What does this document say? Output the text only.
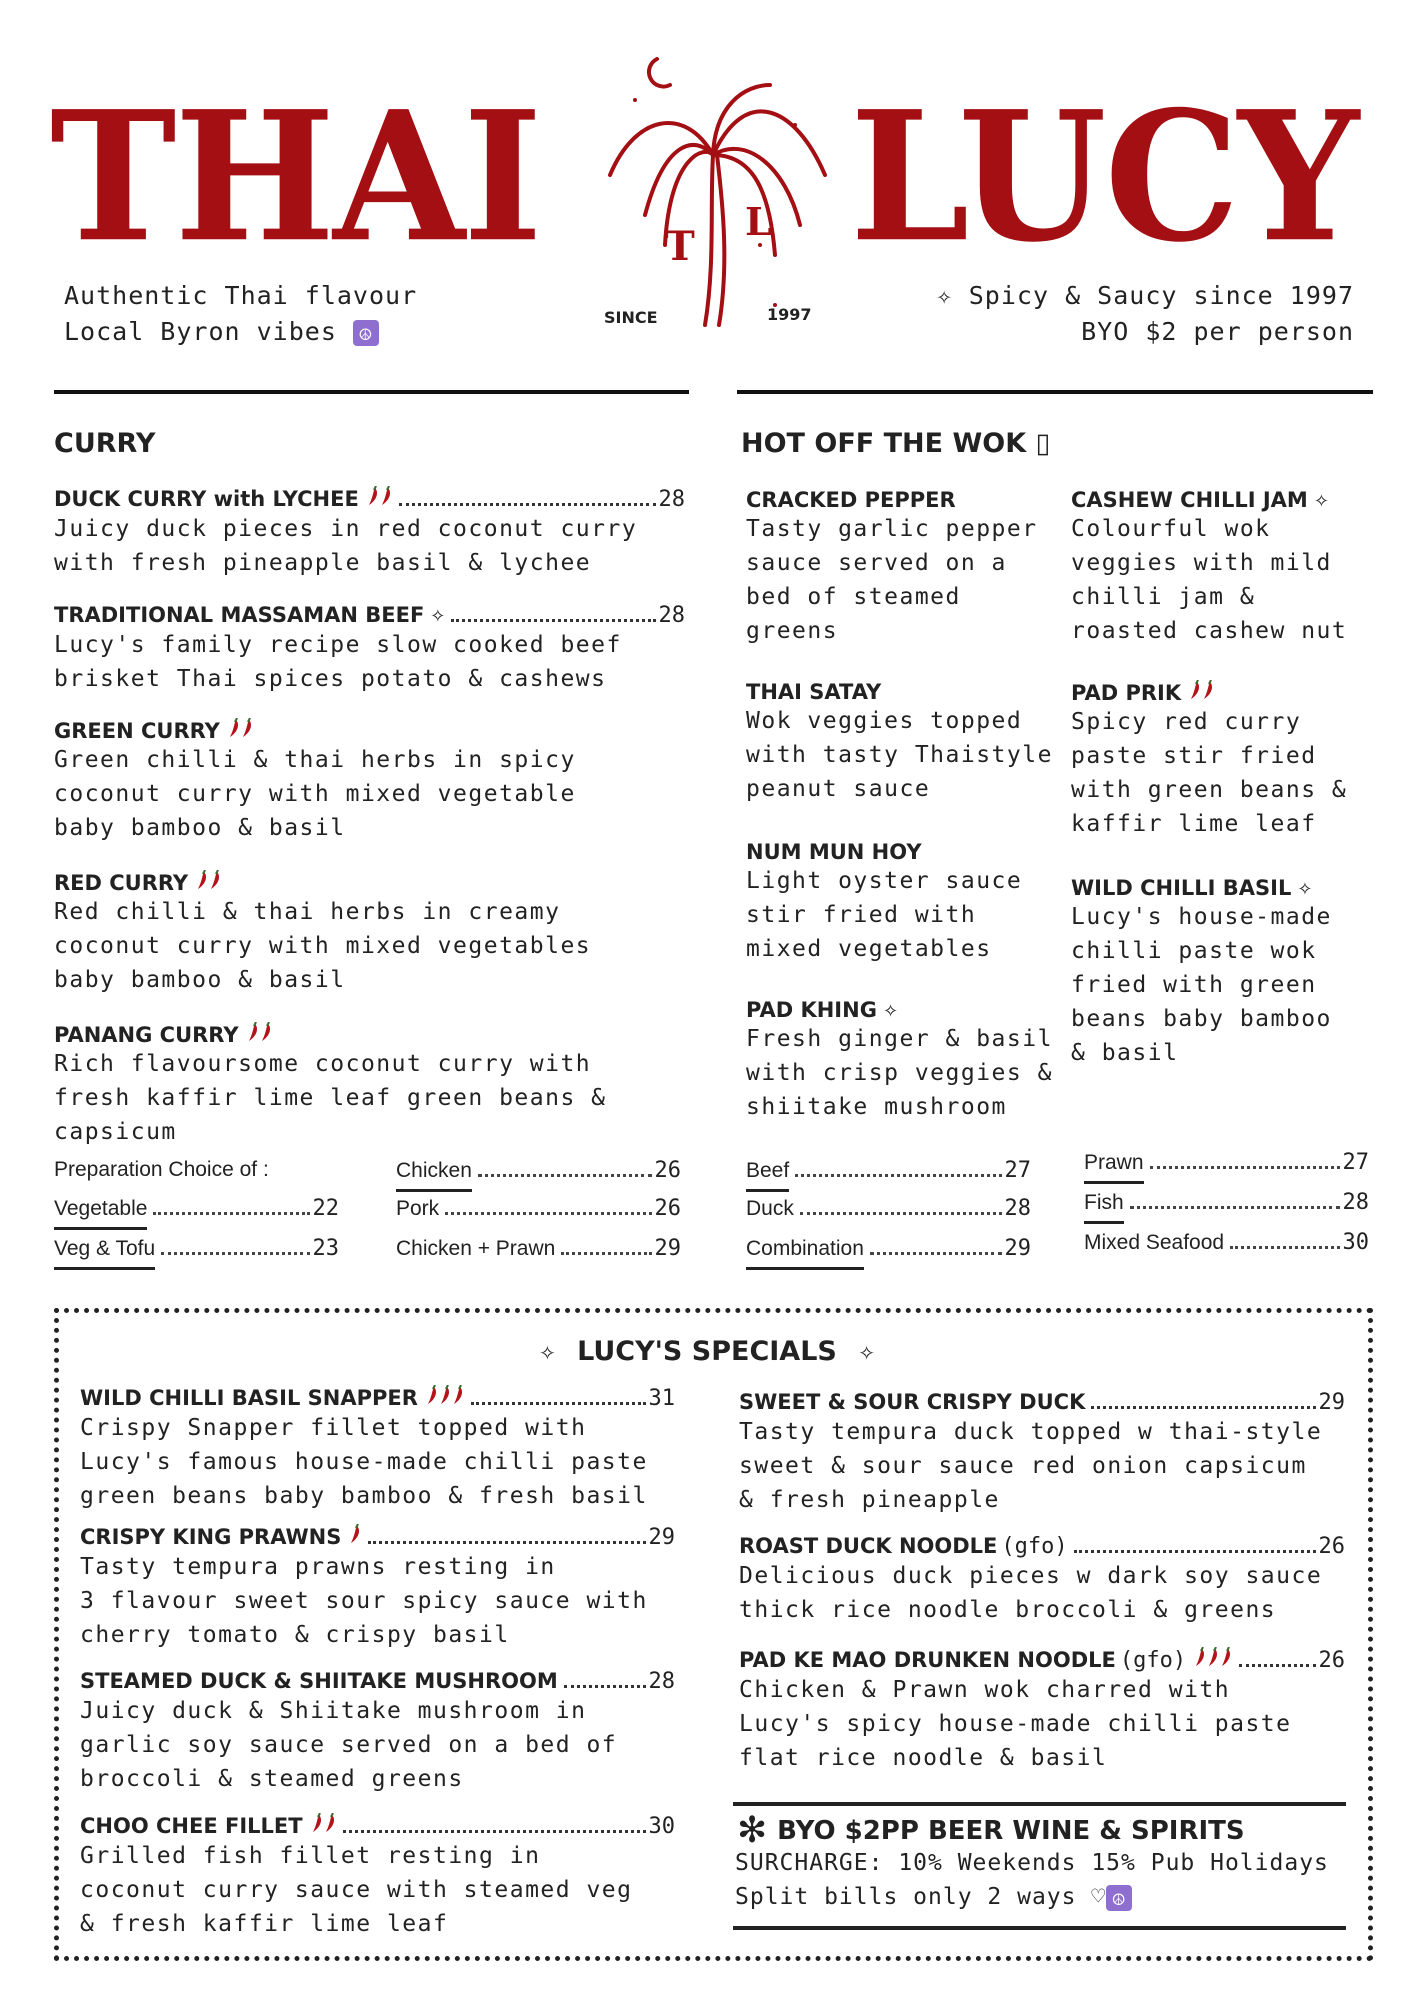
THAI LUCY
T
L
SINCE	1997
Authentic Thai flavour
Local Byron vibes ☮
✧ Spicy & Saucy since 1997
BYO $2 per person
CURRY	HOT OFF THE WOK ▯
Preparation Choice of :
✧ LUCY'S SPECIALS ✧
✻ BYO $2PP BEER WINE & SPIRITS
SURCHARGE: 10% Weekends 15% Pub Holidays
Split bills only 2 ways ♡ ☮
DUCK CURRY with LYCHEE	28
Juicy duck pieces in red coconut curry
with fresh pineapple basil & lychee
TRADITIONAL MASSAMAN BEEF ✧	28
Lucy's family recipe slow cooked beef
brisket Thai spices potato & cashews
GREEN CURRY
Green chilli & thai herbs in spicy
coconut curry with mixed vegetable
baby bamboo & basil
RED CURRY
Red chilli & thai herbs in creamy
coconut curry with mixed vegetables
baby bamboo & basil
PANANG CURRY
Rich flavoursome coconut curry with
fresh kaffir lime leaf green beans &
capsicum
CRACKED PEPPER
Tasty garlic pepper
sauce served on a
bed of steamed
greens
THAI SATAY
Wok veggies topped
with tasty Thaistyle
peanut sauce
NUM MUN HOY
Light oyster sauce
stir fried with
mixed vegetables
PAD KHING ✧
Fresh ginger & basil
with crisp veggies &
shiitake mushroom
CASHEW CHILLI JAM ✧
Colourful wok
veggies with mild
chilli jam &
roasted cashew nut
PAD PRIK
Spicy red curry
paste stir fried
with green beans &
kaffir lime leaf
WILD CHILLI BASIL ✧
Lucy's house-made
chilli paste wok
fried with green
beans baby bamboo
& basil
WILD CHILLI BASIL SNAPPER	31
Crispy Snapper fillet topped with
Lucy's famous house-made chilli paste
green beans baby bamboo & fresh basil
CRISPY KING PRAWNS	29
Tasty tempura prawns resting in
3 flavour sweet sour spicy sauce with
cherry tomato & crispy basil
STEAMED DUCK & SHIITAKE MUSHROOM	28
Juicy duck & Shiitake mushroom in
garlic soy sauce served on a bed of
broccoli & steamed greens
CHOO CHEE FILLET	30
Grilled fish fillet resting in
coconut curry sauce with steamed veg
& fresh kaffir lime leaf
SWEET & SOUR CRISPY DUCK	29
Tasty tempura duck topped w thai-style
sweet & sour sauce red onion capsicum
& fresh pineapple
ROAST DUCK NOODLE (gfo)	26
Delicious duck pieces w dark soy sauce
thick rice noodle broccoli & greens
PAD KE MAO DRUNKEN NOODLE (gfo)	26
Chicken & Prawn wok charred with
Lucy's spicy house-made chilli paste
flat rice noodle & basil
Vegetable	22
Veg & Tofu	23
Chicken	26
Pork	26
Chicken + Prawn	29
Beef	27
Duck	28
Combination	29
Prawn	27
Fish	28
Mixed Seafood	30
